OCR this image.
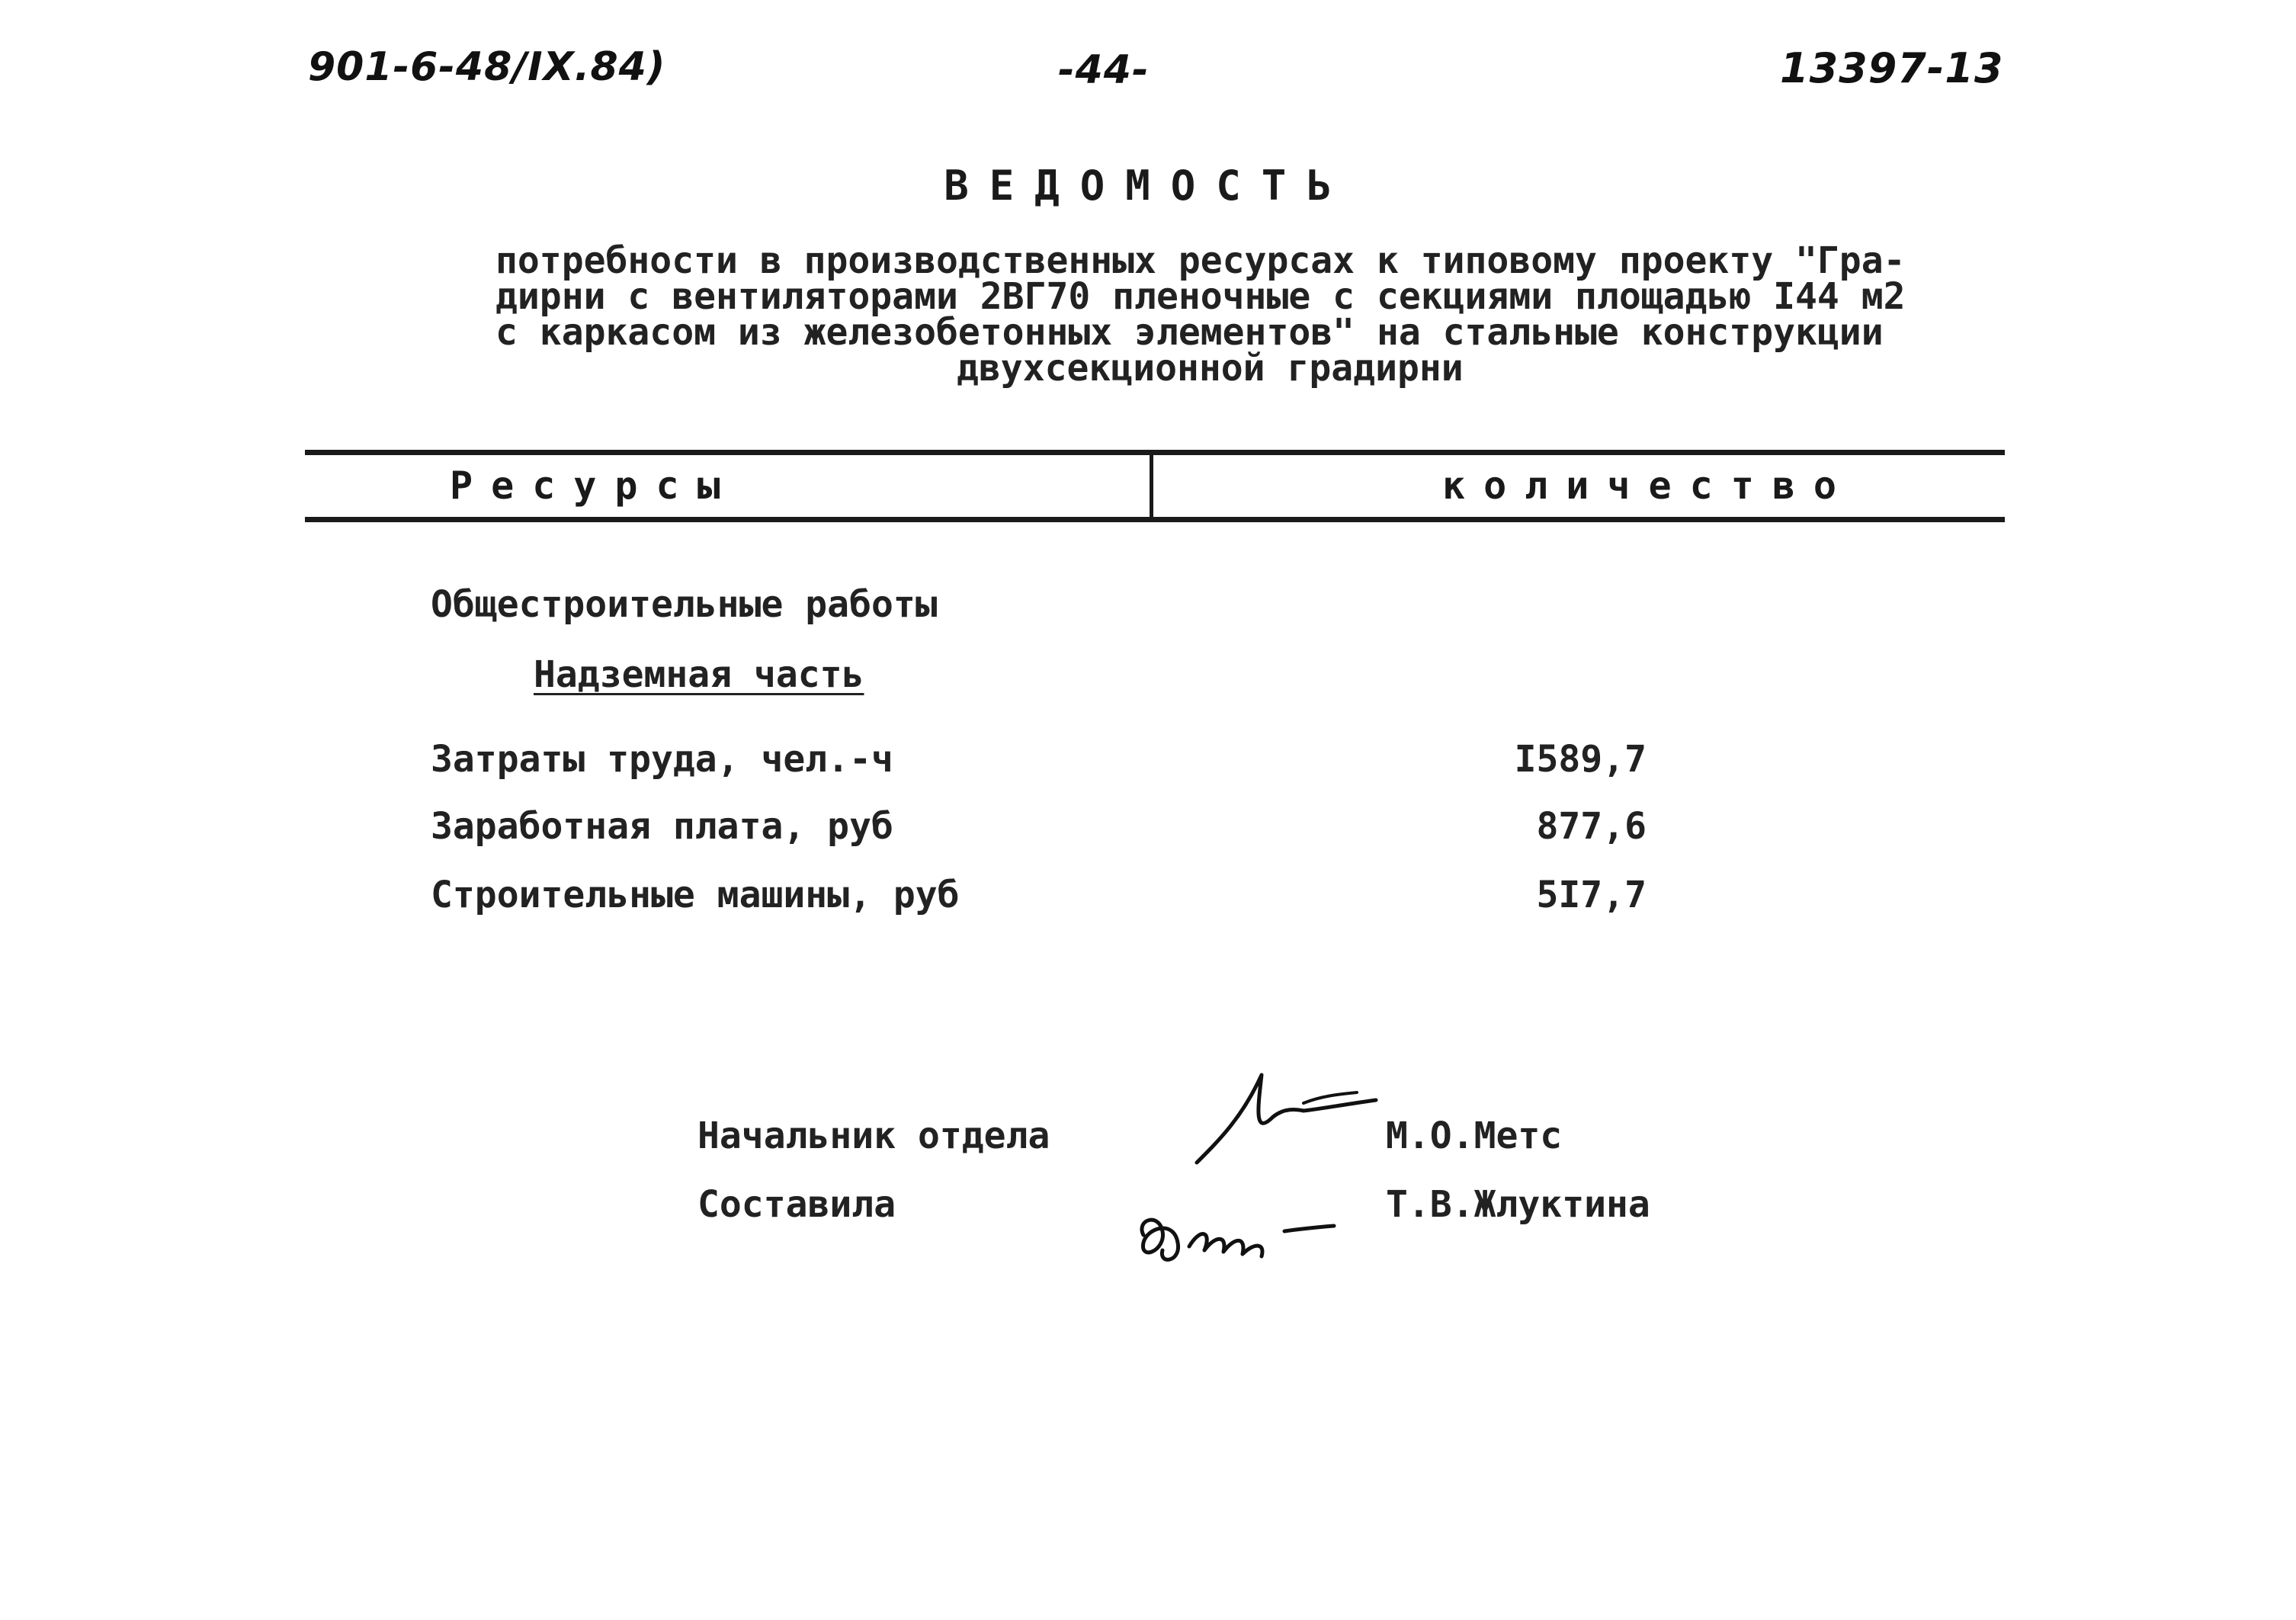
901-6-48/IX.84)	-44-	13397-13
ВЕДОМОСТЬ
потребности в производственных ресурсах к типовому проекту "Гра-
дирни с вентиляторами 2ВГ70 пленочные с секциями площадью I44 м2
с каркасом из железобетонных элементов" на стальные конструкции
двухсекционной градирни
Ресурсы	количество
Общестроительные работы
Надземная часть
Затраты труда, чел.-ч	I589,7
Заработная плата, руб	877,6
Строительные машины, руб	5I7,7
Начальник отдела	М.О.Метс
Составила	Т.В.Жлуктина
